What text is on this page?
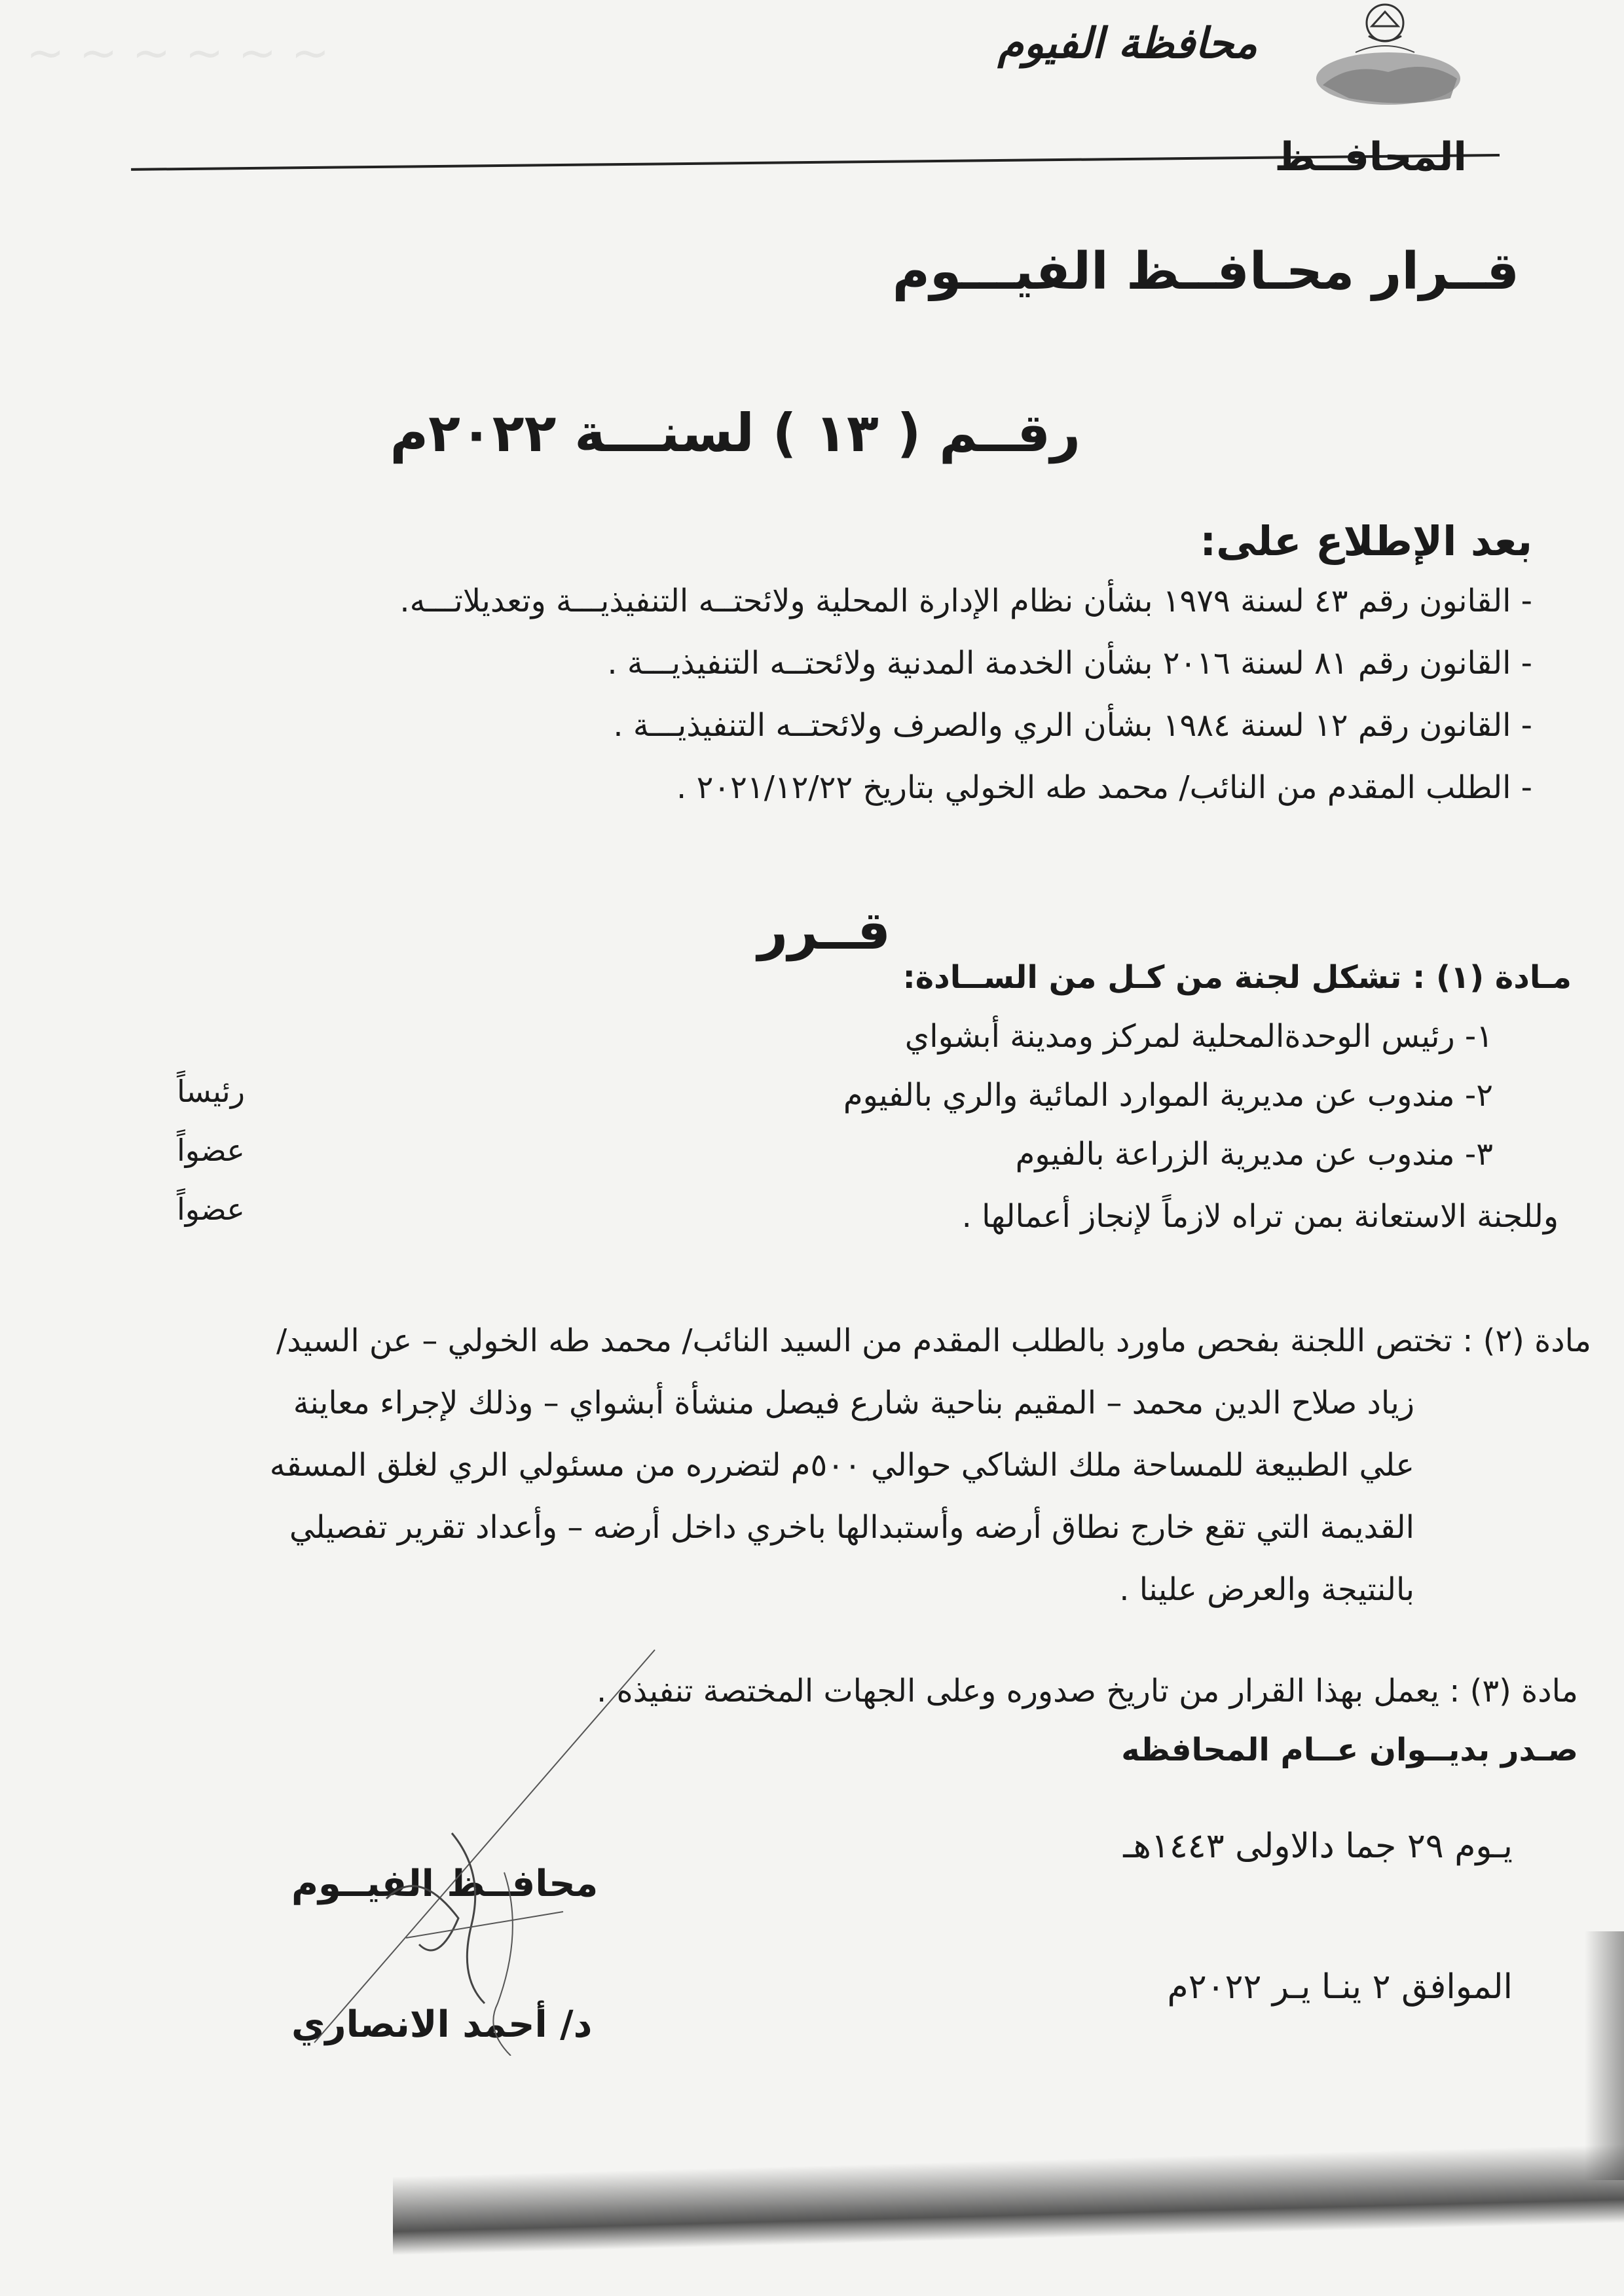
~ ~ ~ ~ ~ ~	محافظة الفيوم
المحافــظ
قــرار محـافــظ الفيـــوم
رقــم ( ١٣ ) لسنـــة ٢٠٢٢م
بعد الإطلاع على:
- القانون رقم ٤٣ لسنة ١٩٧٩ بشأن نظام الإدارة المحلية ولائحتــه التنفيذيـــة وتعديلاتـــه.
- القانون رقم ٨١ لسنة ٢٠١٦ بشأن الخدمة المدنية ولائحتــه التنفيذيـــة .
- القانون رقم ١٢ لسنة ١٩٨٤ بشأن الري والصرف ولائحتــه التنفيذيـــة .
- الطلب المقدم من النائب/ محمد طه الخولي بتاريخ ٢٠٢١/١٢/٢٢ .
قــرر
مـادة (١) : تشكل لجنة من كـل من الســادة:
١- رئيس الوحدةالمحلية لمركز ومدينة أبشواي
٢- مندوب عن مديرية الموارد المائية والري بالفيوم
٣- مندوب عن مديرية الزراعة بالفيوم
رئيساً
عضواً
عضواً	وللجنة الاستعانة بمن تراه لازماً لإنجاز أعمالها .
مادة (٢) : تختص اللجنة بفحص ماورد بالطلب المقدم من السيد النائب/ محمد طه الخولي – عن السيد/
زياد صلاح الدين محمد – المقيم بناحية شارع فيصل منشأة أبشواي – وذلك لإجراء معاينة
علي الطبيعة للمساحة ملك الشاكي حوالي ٥٠٠م لتضرره من مسئولي الري لغلق المسقه
القديمة التي تقع خارج نطاق أرضه وأستبدالها باخري داخل أرضه – وأعداد تقرير تفصيلي
بالنتيجة والعرض علينا .
مادة (٣) : يعمل بهذا القرار من تاريخ صدوره وعلى الجهات المختصة تنفيذه .
صـدر بديــوان عــام المحافظه
يـوم ٢٩ جما دالاولى ١٤٤٣هـ
الموافق ٢ ينـا يـر ٢٠٢٢م
محافــظ الفيــوم
د/ أحمد الانصاري
